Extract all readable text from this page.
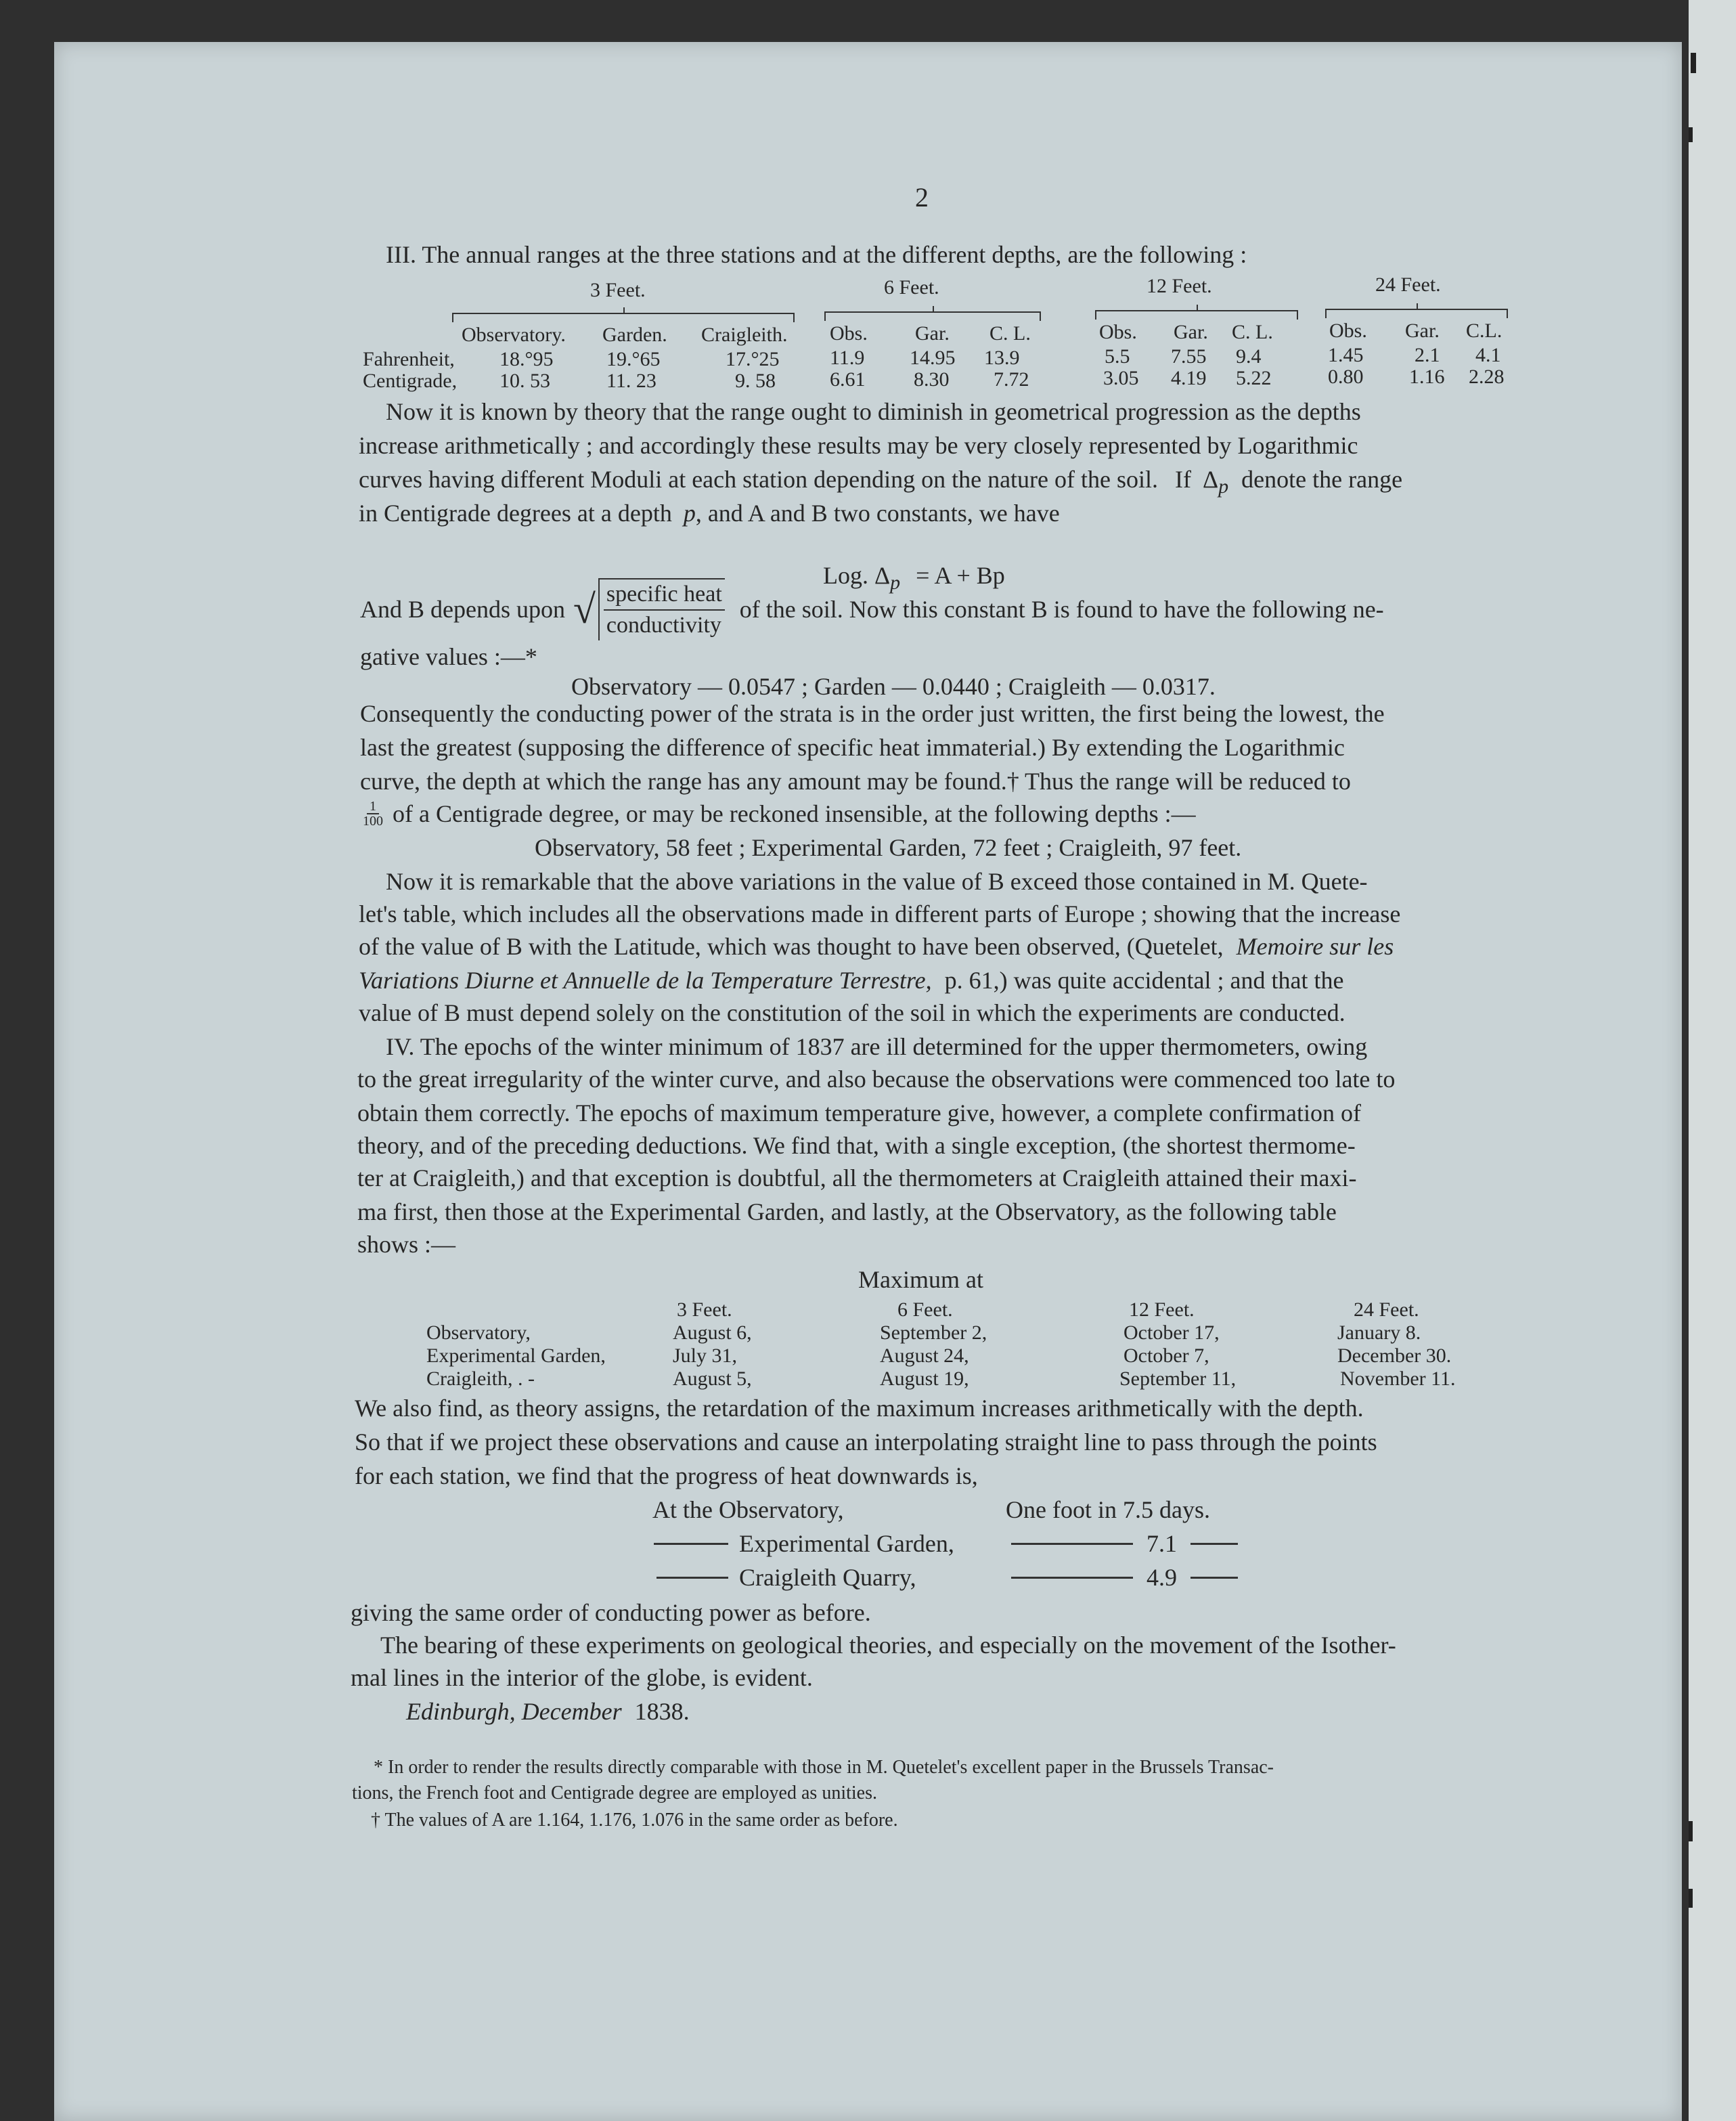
2
III. The annual ranges at the three stations and at the different depths, are the following :
3 Feet.	6 Feet.	12 Feet.	24 Feet.
Observatory. Garden. Craigleith. Obs. Gar. C. L.	Obs. Gar. C. L.	Obs. Gar. C.L.
Fahrenheit, 18.°95	19.°65	17.°25 11.9 14.95 13.9	5.5 7.55 9.4	1.45	2.1 4.1
Centigrade, 10. 53	11. 23	9. 58	6.61 8.30 7.72	3.05 4.19 5.22	0.80 1.16 2.28
Now it is known by theory that the range ought to diminish in geometrical progression as the depths
increase arithmetically ; and accordingly these results may be very closely represented by Logarithmic
curves having different Moduli at each station depending on the nature of the soil. If $\Delta_p$ denote the range
in Centigrade degrees at a depth p, and A and B two constants, we have
Log. $\Delta_p = A + Bp$
And B depends upon √ $\frac{\text{specific heat}}{\text{conductivity}}$ of the soil. Now this constant B is found to have the following ne-
gative values :—*
Observatory — 0.0547 ; Garden — 0.0440 ; Craigleith — 0.0317.
Consequently the conducting power of the strata is in the order just written, the first being the lowest, the
last the greatest (supposing the difference of specific heat immaterial.) By extending the Logarithmic
curve, the depth at which the range has any amount may be found.† Thus the range will be reduced to
$\frac{1}{100}$ of a Centigrade degree, or may be reckoned insensible, at the following depths :—
Observatory, 58 feet ; Experimental Garden, 72 feet ; Craigleith, 97 feet.
Now it is remarkable that the above variations in the value of B exceed those contained in M. Quete-
let's table, which includes all the observations made in different parts of Europe ; showing that the increase
of the value of B with the Latitude, which was thought to have been observed, (Quetelet, Memoire sur les
Variations Diurne et Annuelle de la Temperature Terrestre, p. 61,) was quite accidental ; and that the
value of B must depend solely on the constitution of the soil in which the experiments are conducted.
IV. The epochs of the winter minimum of 1837 are ill determined for the upper thermometers, owing
to the great irregularity of the winter curve, and also because the observations were commenced too late to
obtain them correctly. The epochs of maximum temperature give, however, a complete confirmation of
theory, and of the preceding deductions. We find that, with a single exception, (the shortest thermome-
ter at Craigleith,) and that exception is doubtful, all the thermometers at Craigleith attained their maxi-
ma first, then those at the Experimental Garden, and lastly, at the Observatory, as the following table
shows :—
Maximum at
3 Feet.	6 Feet.	12 Feet.	24 Feet.
Observatory,	August 6,	September 2,	October 17,	January 8.
Experimental Garden,	July 31,	August 24,	October 7,	December 30.
Craigleith, . -	August 5,	August 19,	September 11,	November 11.
We also find, as theory assigns, the retardation of the maximum increases arithmetically with the depth.
So that if we project these observations and cause an interpolating straight line to pass through the points
for each station, we find that the progress of heat downwards is,
At the Observatory,	One foot in 7.5 days.
Experimental Garden,	7.1
Craigleith Quarry,	4.9
giving the same order of conducting power as before.
The bearing of these experiments on geological theories, and especially on the movement of the Isother-
mal lines in the interior of the globe, is evident.
Edinburgh, December 1838.
* In order to render the results directly comparable with those in M. Quetelet's excellent paper in the Brussels Transac-
tions, the French foot and Centigrade degree are employed as unities.
† The values of A are 1.164, 1.176, 1.076 in the same order as before.
